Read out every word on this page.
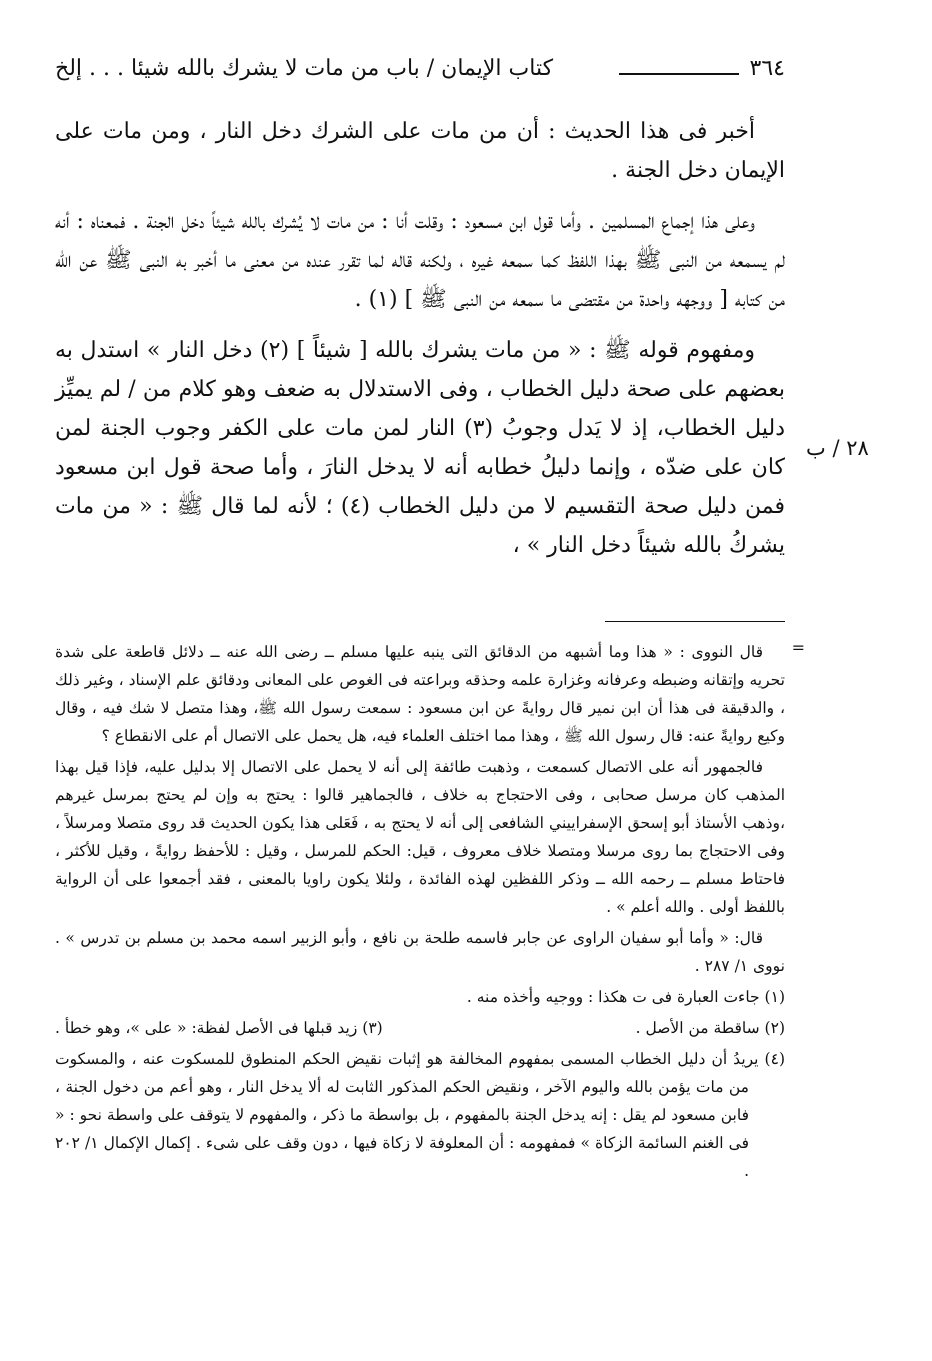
٣٦٤
كتاب الإيمان / باب من مات لا يشرك بالله شيئا . . . إلخ

أخبر فى هذا الحديث : أن من مات على الشرك دخل النار ، ومن مات على الإيمان دخل الجنة .

وعلى هذا إجماع المسلمين . وأما قول ابن مسعود : وقلت أنا : من مات لا يُشرك بالله شيئاً دخل الجنة . فمعناه : أنه لم يسمعه من النبى ﷺ بهذا اللفظ كما سمعه غيره ، ولكنه قاله لما تقرر عنده من معنى ما أخبر به النبى ﷺ عن الله من كتابه [ ووجهه واحدة من مقتضى ما سمعه من النبى ﷺ ] (١) .

ومفهوم قوله ﷺ : « من مات يشرك بالله [ شيئاً ] (٢) دخل النار » استدل به بعضهم على صحة دليل الخطاب ، وفى الاستدلال به ضعف وهو كلام من / لم يميِّز دليل الخطاب، إذ لا يَدل وجوبُ (٣) النار لمن مات على الكفر وجوب الجنة لمن كان على ضدّه ، وإنما دليلُ خطابه أنه لا يدخل النارَ ، وأما صحة قول ابن مسعود فمن دليل صحة التقسيم لا من دليل الخطاب (٤) ؛ لأنه لما قال ﷺ : « من مات يشركُ بالله شيئاً دخل النار » ،

٢٨ / ب
=

قال النووى : « هذا وما أشبهه من الدقائق التى ينبه عليها مسلم ــ رضى الله عنه ــ دلائل قاطعة على شدة تحريه وإتقانه وضبطه وعرفانه وغزارة علمه وحذقه وبراعته فى الغوص على المعانى ودقائق علم الإسناد ، وغير ذلك ، والدقيقة فى هذا أن ابن نمير قال روايةً عن ابن مسعود : سمعت رسول الله ﷺ، وهذا متصل لا شك فيه ، وقال وكيع روايةً عنه: قال رسول الله ﷺ ، وهذا مما اختلف العلماء فيه، هل يحمل على الاتصال أم على الانقطاع ؟

فالجمهور أنه على الاتصال كسمعت ، وذهبت طائفة إلى أنه لا يحمل على الاتصال إلا بدليل عليه، فإذا قيل بهذا المذهب كان مرسل صحابى ، وفى الاحتجاج به خلاف ، فالجماهير قالوا : يحتج به وإن لم يحتج بمرسل غيرهم ،وذهب الأستاذ أبو إسحق الإسفراييني الشافعى إلى أنه لا يحتج به ، فَعَلى هذا يكون الحديث قد روى متصلا ومرسلاً ، وفى الاحتجاج بما روى مرسلا ومتصلا خلاف معروف ، قيل: الحكم للمرسل ، وقيل : للأحفظ روايةً ، وقيل للأكثر ، فاحتاط مسلم ــ رحمه الله ــ وذكر اللفظين لهذه الفائدة ، ولئلا يكون راويا بالمعنى ، فقد أجمعوا على أن الرواية باللفظ أولى . والله أعلم » .

قال: « وأما أبو سفيان الراوى عن جابر فاسمه طلحة بن نافع ، وأبو الزبير اسمه محمد بن مسلم بن تدرس » . نووى ١/ ٢٨٧ .

(١) جاءت العبارة فى ت هكذا : ووجيه وأخذه منه .

(٢) ساقطة من الأصل .

(٣) زيد قبلها فى الأصل لفظة: « على »، وهو خطأ .

(٤) يريدُ أن دليل الخطاب المسمى بمفهوم المخالفة هو إثبات نقيض الحكم المنطوق للمسكوت عنه ، والمسكوت من مات يؤمن بالله واليوم الآخر ، ونقيض الحكم المذكور الثابت له ألا يدخل النار ، وهو أعم من دخول الجنة ، فابن مسعود لم يقل : إنه يدخل الجنة بالمفهوم ، بل بواسطة ما ذكر ، والمفهوم لا يتوقف على واسطة نحو : « فى الغنم السائمة الزكاة » فمفهومه : أن المعلوفة لا زكاة فيها ، دون وقف على شىء . إكمال الإكمال ١/ ٢٠٢ .
